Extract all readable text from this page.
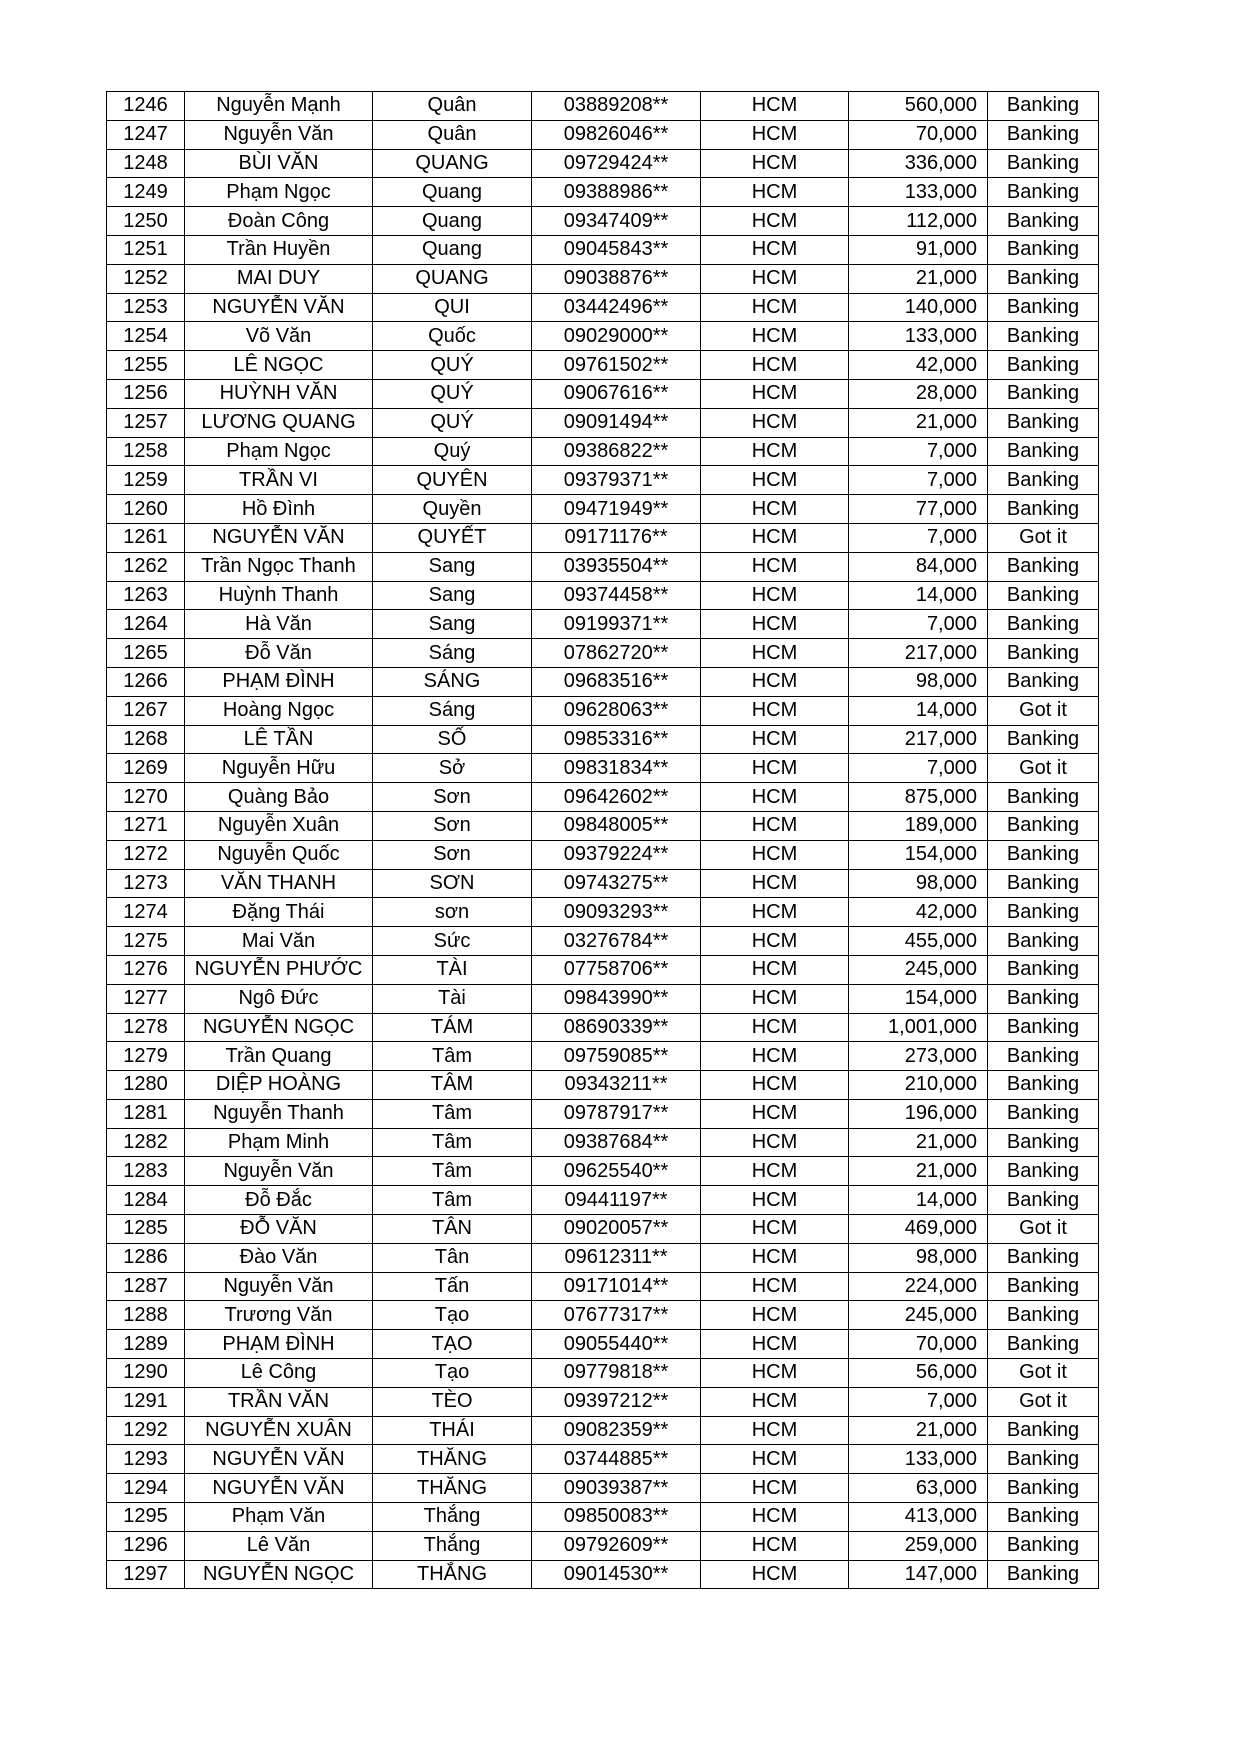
1246	Nguyễn Mạnh	Quân	03889208**	HCM	560,000	Banking
1247	Nguyễn Văn	Quân	09826046**	HCM	70,000	Banking
1248	BÙI VĂN	QUANG	09729424**	HCM	336,000	Banking
1249	Phạm Ngọc	Quang	09388986**	HCM	133,000	Banking
1250	Đoàn Công	Quang	09347409**	HCM	112,000	Banking
1251	Trần Huyền	Quang	09045843**	HCM	91,000	Banking
1252	MAI DUY	QUANG	09038876**	HCM	21,000	Banking
1253	NGUYỄN VĂN	QUI	03442496**	HCM	140,000	Banking
1254	Võ Văn	Quốc	09029000**	HCM	133,000	Banking
1255	LÊ NGỌC	QUÝ	09761502**	HCM	42,000	Banking
1256	HUỲNH VĂN	QUÝ	09067616**	HCM	28,000	Banking
1257	LƯƠNG QUANG	QUÝ	09091494**	HCM	21,000	Banking
1258	Phạm Ngọc	Quý	09386822**	HCM	7,000	Banking
1259	TRẦN VI	QUYÊN	09379371**	HCM	7,000	Banking
1260	Hồ Đình	Quyền	09471949**	HCM	77,000	Banking
1261	NGUYỄN VĂN	QUYẾT	09171176**	HCM	7,000	Got it
1262	Trần Ngọc Thanh	Sang	03935504**	HCM	84,000	Banking
1263	Huỳnh Thanh	Sang	09374458**	HCM	14,000	Banking
1264	Hà Văn	Sang	09199371**	HCM	7,000	Banking
1265	Đỗ Văn	Sáng	07862720**	HCM	217,000	Banking
1266	PHẠM ĐÌNH	SÁNG	09683516**	HCM	98,000	Banking
1267	Hoàng Ngọc	Sáng	09628063**	HCM	14,000	Got it
1268	LÊ TẦN	SỐ	09853316**	HCM	217,000	Banking
1269	Nguyễn Hữu	Sở	09831834**	HCM	7,000	Got it
1270	Quàng Bảo	Sơn	09642602**	HCM	875,000	Banking
1271	Nguyễn Xuân	Sơn	09848005**	HCM	189,000	Banking
1272	Nguyễn Quốc	Sơn	09379224**	HCM	154,000	Banking
1273	VĂN THANH	SƠN	09743275**	HCM	98,000	Banking
1274	Đặng Thái	sơn	09093293**	HCM	42,000	Banking
1275	Mai Văn	Sức	03276784**	HCM	455,000	Banking
1276	NGUYỄN PHƯỚC	TÀI	07758706**	HCM	245,000	Banking
1277	Ngô Đức	Tài	09843990**	HCM	154,000	Banking
1278	NGUYỄN NGỌC	TÁM	08690339**	HCM	1,001,000	Banking
1279	Trần Quang	Tâm	09759085**	HCM	273,000	Banking
1280	DIỆP HOÀNG	TÂM	09343211**	HCM	210,000	Banking
1281	Nguyễn Thanh	Tâm	09787917**	HCM	196,000	Banking
1282	Phạm Minh	Tâm	09387684**	HCM	21,000	Banking
1283	Nguyễn Văn	Tâm	09625540**	HCM	21,000	Banking
1284	Đỗ Đắc	Tâm	09441197**	HCM	14,000	Banking
1285	ĐỖ VĂN	TÂN	09020057**	HCM	469,000	Got it
1286	Đào Văn	Tân	09612311**	HCM	98,000	Banking
1287	Nguyễn Văn	Tấn	09171014**	HCM	224,000	Banking
1288	Trương Văn	Tạo	07677317**	HCM	245,000	Banking
1289	PHẠM ĐÌNH	TẠO	09055440**	HCM	70,000	Banking
1290	Lê Công	Tạo	09779818**	HCM	56,000	Got it
1291	TRẦN VĂN	TÈO	09397212**	HCM	7,000	Got it
1292	NGUYỄN XUÂN	THÁI	09082359**	HCM	21,000	Banking
1293	NGUYỄN VĂN	THĂNG	03744885**	HCM	133,000	Banking
1294	NGUYỄN VĂN	THĂNG	09039387**	HCM	63,000	Banking
1295	Phạm Văn	Thắng	09850083**	HCM	413,000	Banking
1296	Lê Văn	Thắng	09792609**	HCM	259,000	Banking
1297	NGUYỄN NGỌC	THẮNG	09014530**	HCM	147,000	Banking
